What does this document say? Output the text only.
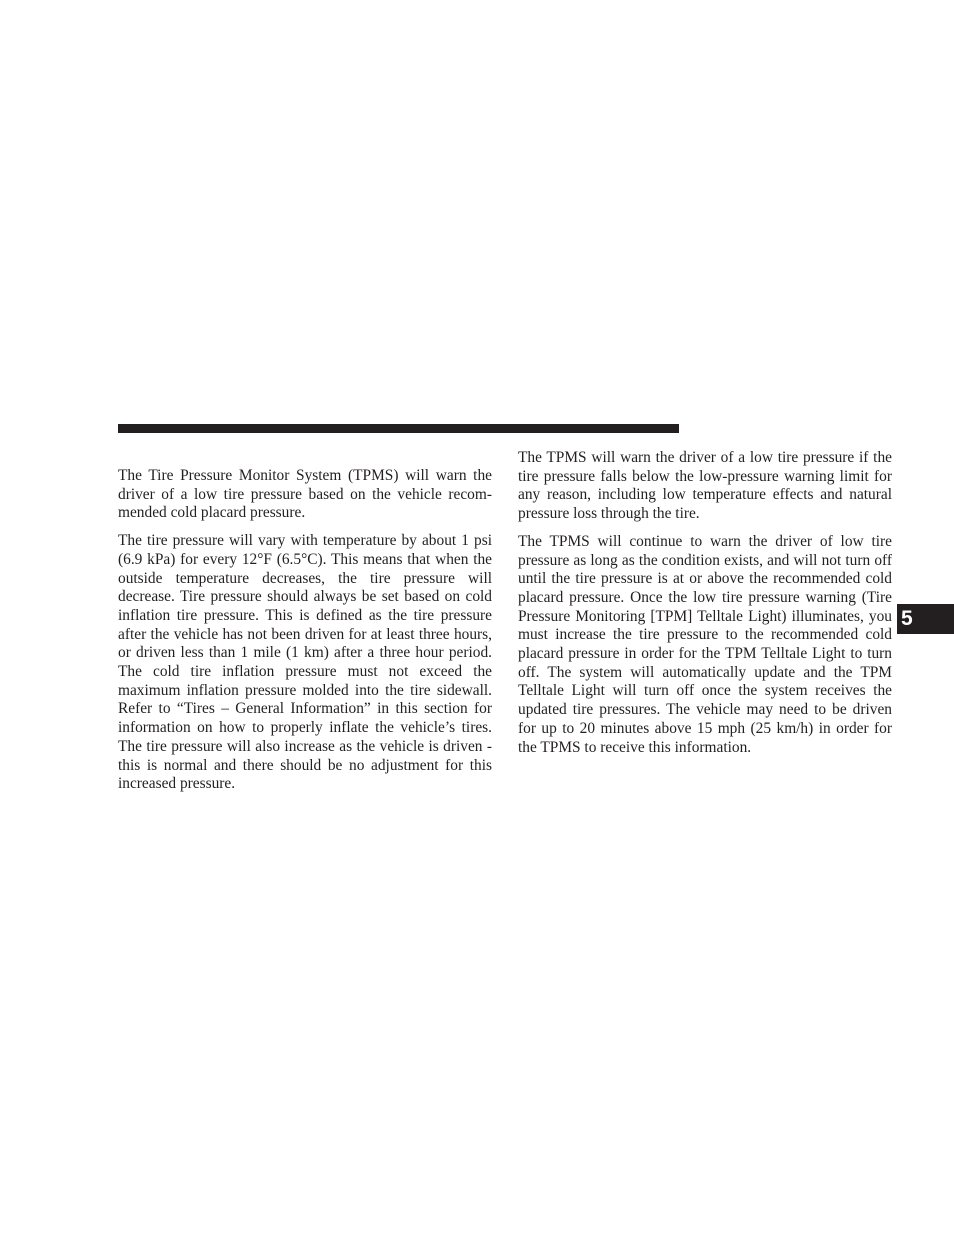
The Tire Pressure Monitor System (TPMS) will warn the driver of a low tire pressure based on the vehicle recommended cold placard pressure.

The tire pressure will vary with temperature by about 1 psi (6.9 kPa) for every 12°F (6.5°C). This means that when the outside temperature decreases, the tire pressure will decrease. Tire pressure should always be set based on cold inflation tire pressure. This is defined as the tire pressure after the vehicle has not been driven for at least three hours, or driven less than 1 mile (1 km) after a three hour period. The cold tire inflation pressure must not exceed the maximum inflation pressure molded into the tire sidewall. Refer to “Tires – General Information” in this section for information on how to properly inflate the vehicle’s tires. The tire pressure will also increase as the vehicle is driven - this is normal and there should be no adjustment for this increased pressure.

The TPMS will warn the driver of a low tire pressure if the tire pressure falls below the low-pressure warning limit for any reason, including low temperature effects and natural pressure loss through the tire.

The TPMS will continue to warn the driver of low tire pressure as long as the condition exists, and will not turn off until the tire pressure is at or above the recommended cold placard pressure. Once the low tire pressure warning (Tire Pressure Monitoring [TPM] Telltale Light) illuminates, you must increase the tire pressure to the recommended cold placard pressure in order for the TPM Telltale Light to turn off. The system will automatically update and the TPM Telltale Light will turn off once the system receives the updated tire pressures. The vehicle may need to be driven for up to 20 minutes above 15 mph (25 km/h) in order for the TPMS to receive this information.

5
